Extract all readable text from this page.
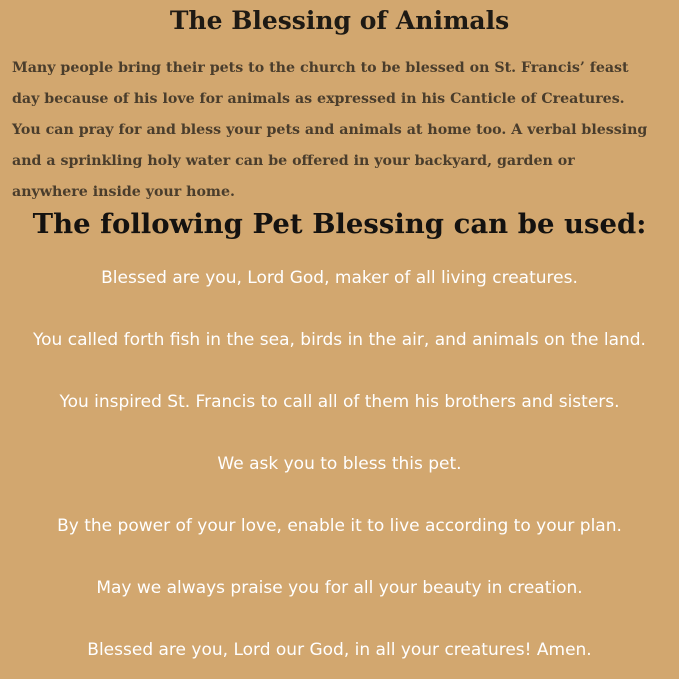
The Blessing of Animals
Many people bring their pets to the church to be blessed on St. Francis’ feast
day because of his love for animals as expressed in his Canticle of Creatures.
You can pray for and bless your pets and animals at home too. A verbal blessing
and a sprinkling holy water can be offered in your backyard, garden or
anywhere inside your home.
The following Pet Blessing can be used:
Blessed are you, Lord God, maker of all living creatures.
You called forth fish in the sea, birds in the air, and animals on the land.
You inspired St. Francis to call all of them his brothers and sisters.
We ask you to bless this pet.
By the power of your love, enable it to live according to your plan.
May we always praise you for all your beauty in creation.
Blessed are you, Lord our God, in all your creatures! Amen.
